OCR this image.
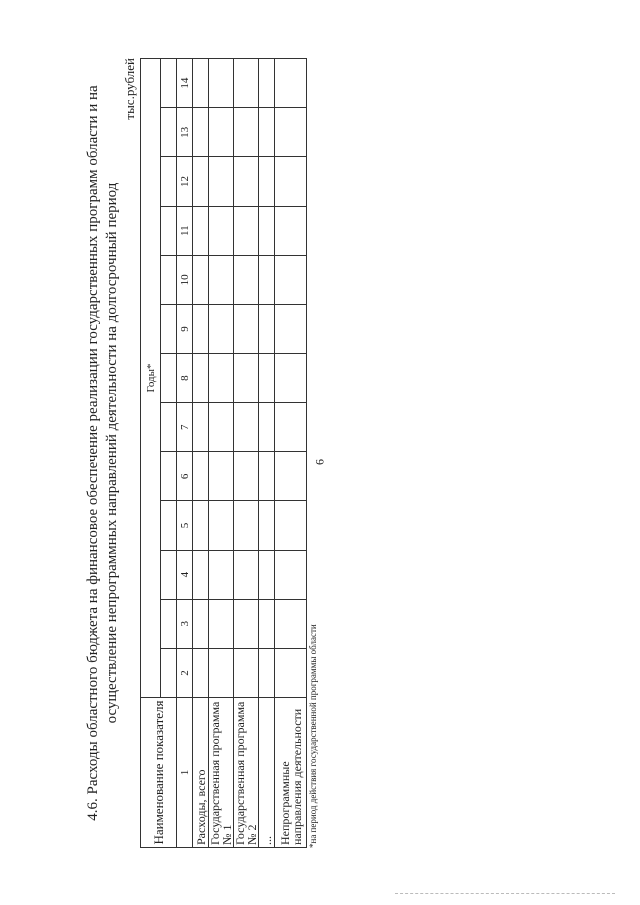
6
4.6. Расходы областного бюджета на финансовое обеспечение реализации государственных программ области и на осуществление непрограммных направлений деятельности на долгосрочный период
тыс.рублей
Наименование показателя	Годы*												

1	2	3	4	5	6	7	8	9	10	11	12	13	14
Расходы, всего													
Государственная программа № 1													
Государственная программа № 2													
...													
Непрограммные направления деятельности													*на период действия государственной программы области
